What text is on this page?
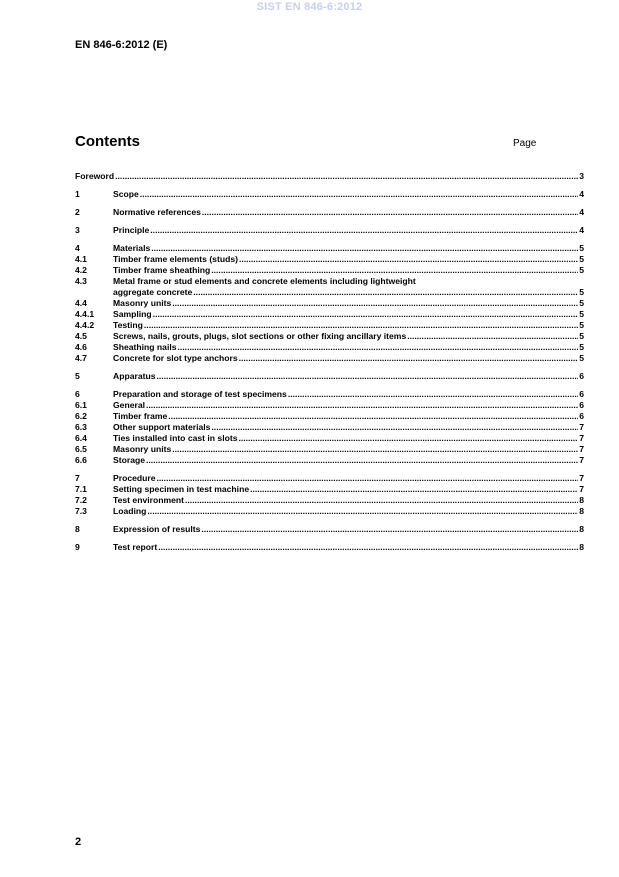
SIST EN 846-6:2012
EN 846-6:2012 (E)
Contents	Page
Foreword .....	3
1	Scope .....	4
2	Normative references .....	4
3	Principle .....	4
4	Materials .....	5
4.1	Timber frame elements (studs) .....	5
4.2	Timber frame sheathing .....	5
4.3	Metal frame or stud elements and concrete elements including lightweight
aggregate concrete .....	5
4.4	Masonry units .....	5
4.4.1	Sampling .....	5
4.4.2	Testing .....	5
4.5	Screws, nails, grouts, plugs, slot sections or other fixing ancillary items .....	5
4.6	Sheathing nails .....	5
4.7	Concrete for slot type anchors .....	5
5	Apparatus .....	6
6	Preparation and storage of test specimens .....	6
6.1	General .....	6
6.2	Timber frame .....	6
6.3	Other support materials .....	7
6.4	Ties installed into cast in slots .....	7
6.5	Masonry units .....	7
6.6	Storage .....	7
7	Procedure .....	7
7.1	Setting specimen in test machine .....	7
7.2	Test environment .....	8
7.3	Loading .....	8
8	Expression of results .....	8
9	Test report .....	8
2
